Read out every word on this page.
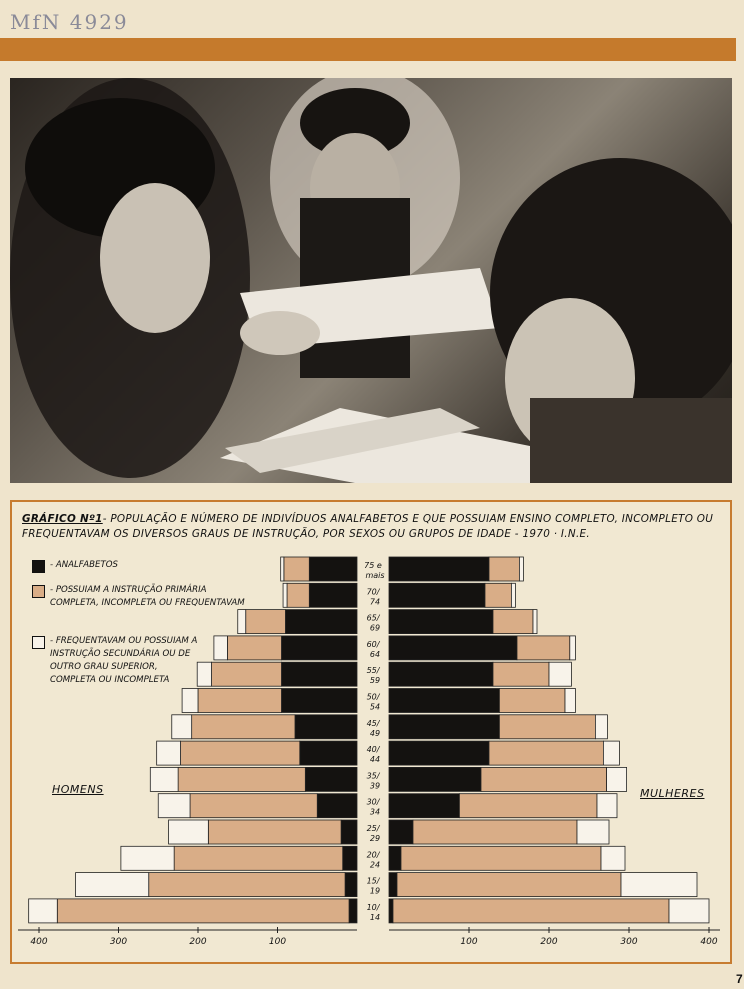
MfN 4929
GRÁFICO Nº1- POPULAÇÃO E NÚMERO DE INDIVÍDUOS ANALFABETOS E QUE POSSUIAM ENSINO COMPLETO, INCOMPLETO OU FREQUENTAVAM OS DIVERSOS GRAUS DE INSTRUÇÃO, POR SEXOS OU GRUPOS DE IDADE - 1970 · I.N.E.
- ANALFABETOS
- POSSUIAM A INSTRUÇÃO PRIMÁRIA COMPLETA, INCOMPLETA OU FREQUENTAVAM
- FREQUENTAVAM OU POSSUIAM A INSTRUÇÃO SECUNDÁRIA OU DE OUTRO GRAU SUPERIOR, COMPLETA OU INCOMPLETA
HOMENS	MULHERES
75 e
mais
70/
74
65/
69
60/
64
55/
59
50/
54
45/
49
40/
44
35/
39
30/
34
25/
29
20/
24
15/
19
10/
14
400	300	200	100	100	200	300	400
7
